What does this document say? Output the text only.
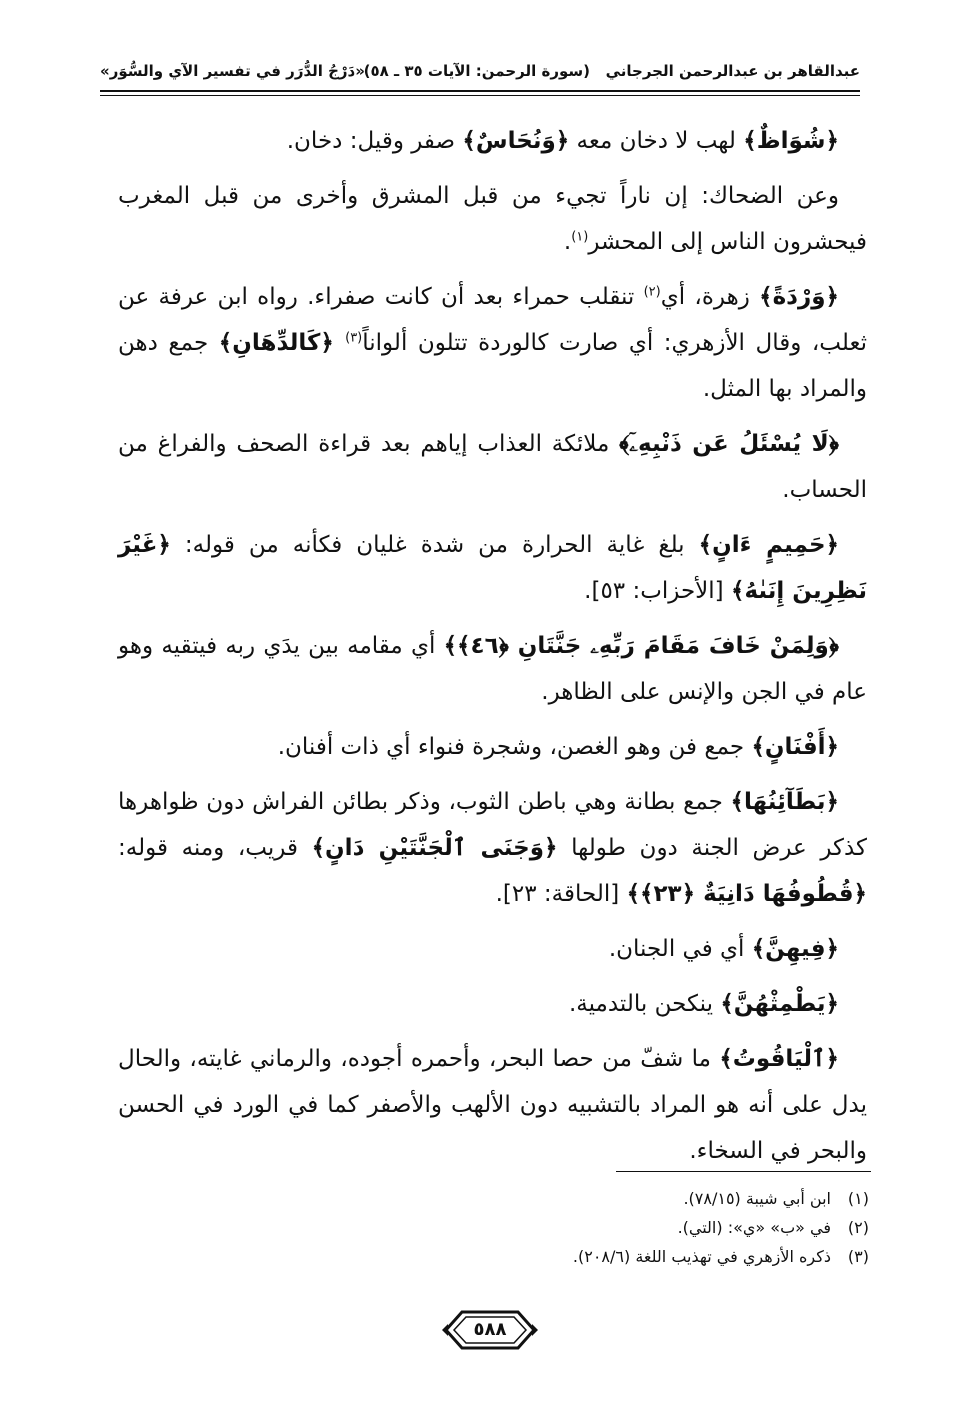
عبدالقاهر بن عبدالرحمن الجرجاني
(سورة الرحمن: الآيات ٣٥ ـ ٥٨)
«دَرْجُ الدُّرَر في تفسير الآي والسُّوَر»

﴿شُوَاظٌ﴾ لهب لا دخان معه ﴿وَنُحَاسٌ﴾ صفر وقيل: دخان.

وعن الضحاك: إن ناراً تجيء من قبل المشرق وأخرى من قبل المغرب فيحشرون الناس إلى المحشر$^{(١)}$.

﴿وَرْدَةً﴾ زهرة، أي$^{(٢)}$ تنقلب حمراء بعد أن كانت صفراء. رواه ابن عرفة عن ثعلب، وقال الأزهري: أي صارت كالوردة تتلون ألواناً$^{(٣)}$ ﴿كَالدِّهَانِ﴾ جمع دهن والمراد بها المثل.

﴿لَا يُسْئَلُ عَن ذَنْبِهِۦٓ﴾ ملائكة العذاب إياهم بعد قراءة الصحف والفراغ من الحساب.

﴿حَمِيمٍ ءَانٍ﴾ بلغ غاية الحرارة من شدة غليان فكأنه من قوله: ﴿غَيْرَ نَظِرِينَ إِنَىٰهُ﴾ [الأحزاب: ٥٣].

﴿وَلِمَنْ خَافَ مَقَامَ رَبِّهِۦ جَنَّتَانِ ﴿٤٦﴾﴾ أي مقامه بين يدَي ربه فيتقيه وهو عام في الجن والإنس على الظاهر.

﴿أَفْنَانٍ﴾ جمع فن وهو الغصن، وشجرة فنواء أي ذات أفنان.

﴿بَطَآئِنُهَا﴾ جمع بطانة وهي باطن الثوب، وذكر بطائن الفراش دون ظواهرها كذكر عرض الجنة دون طولها ﴿وَجَنَى ٱلْجَنَّتَيْنِ دَانٍ﴾ قريب، ومنه قوله: ﴿قُطُوفُهَا دَانِيَةٌ ﴿٢٣﴾﴾ [الحاقة: ٢٣].

﴿فِيهِنَّ﴾ أي في الجنان.

﴿يَطْمِثْهُنَّ﴾ ينكحن بالتدمية.

﴿ٱلْيَاقُوتُ﴾ ما شفّ من حصا البحر، وأحمره أجوده، والرماني غايته، والحال يدل على أنه هو المراد بالتشبيه دون الألهب والأصفر كما في الورد في الحسن والبحر في السخاء.

(١)ابن أبي شيبة (٧٨/١٥).
(٢)في «ب» «ي»: (التي).
(٣)ذكره الأزهري في تهذيب اللغة (٢٠٨/٦).
٥٨٨
